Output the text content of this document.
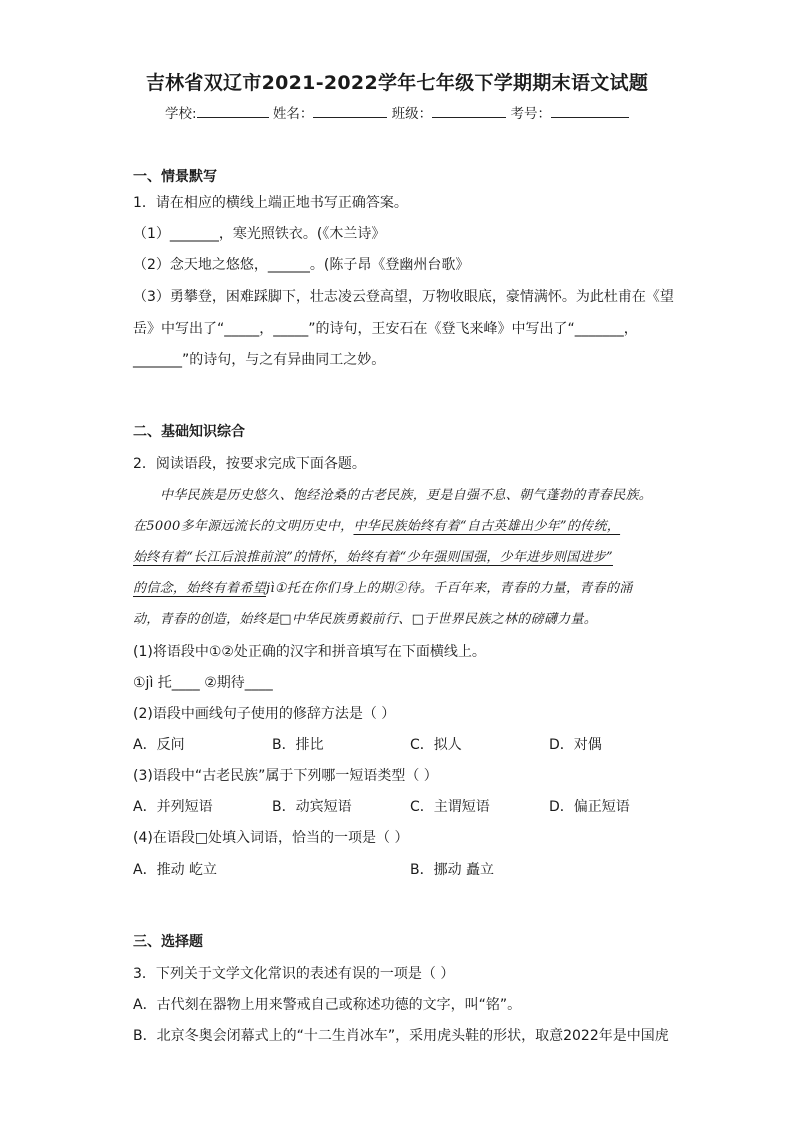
吉林省双辽市2021-2022学年七年级下学期期末语文试题
学校:	姓名：	班级：	考号：
一、情景默写
1．请在相应的横线上端正地书写正确答案。
（1）_______，寒光照铁衣。(《木兰诗》
（2）念天地之悠悠，______。(陈子昂《登幽州台歌》
（3）勇攀登，困难踩脚下，壮志凌云登高望，万物收眼底，豪情满怀。为此杜甫在《望
岳》中写出了“_____，_____”的诗句，王安石在《登飞来峰》中写出了“_______，
_______”的诗句，与之有异曲同工之妙。
二、基础知识综合
2．阅读语段，按要求完成下面各题。
中华民族是历史悠久、饱经沧桑的古老民族，更是自强不息、朝气蓬勃的青春民族。
在5000多年源远流长的文明历史中，中华民族始终有着“自古英雄出少年”的传统，
始终有着“长江后浪推前浪”的情怀，始终有着“少年强则国强，少年进步则国进步”
的信念，始终有着希望jì①托在你们身上的期②待。千百年来，青春的力量，青春的涌
动，青春的创造，始终是□中华民族勇毅前行、□于世界民族之林的磅礴力量。
(1)将语段中①②处正确的汉字和拼音填写在下面横线上。
①jì 托____ ②期待____
(2)语段中画线句子使用的修辞方法是（ ）
A．反问	B．排比	C．拟人	D．对偶
(3)语段中“古老民族”属于下列哪一短语类型（ ）
A．并列短语	B．动宾短语	C．主谓短语	D．偏正短语
(4)在语段□处填入词语，恰当的一项是（ ）
A．推动 屹立	B．挪动 矗立
三、选择题
3．下列关于文学文化常识的表述有误的一项是（ ）
A．古代刻在器物上用来警戒自己或称述功德的文字，叫“铭”。
B．北京冬奥会闭幕式上的“十二生肖冰车”，采用虎头鞋的形状，取意2022年是中国虎
